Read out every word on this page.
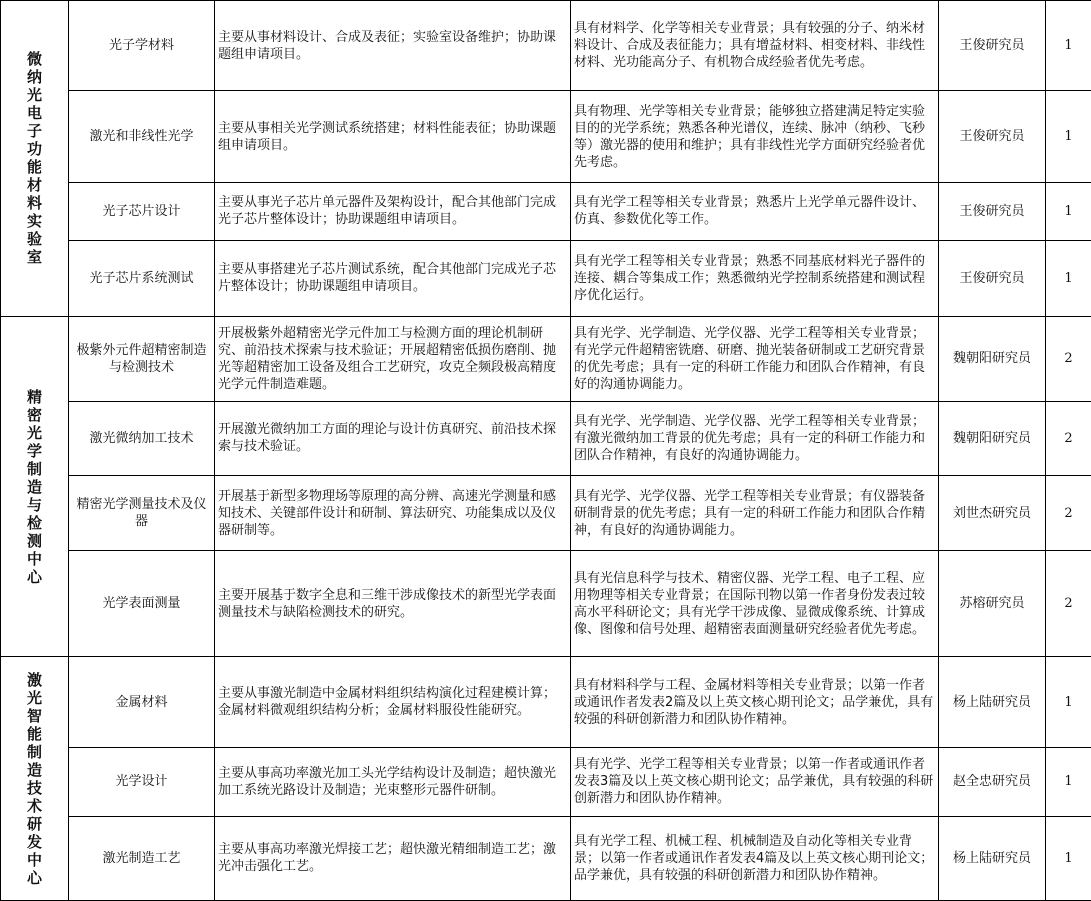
微纳光电子功能材料实验室	光子学材料	主要从事材料设计、合成及表征；实验室设备维护；协助课题组申请项目。	具有材料学、化学等相关专业背景；具有较强的分子、纳米材料设计、合成及表征能力；具有增益材料、相变材料、非线性材料、光功能高分子、有机物合成经验者优先考虑。	王俊研究员	1
	激光和非线性光学	主要从事相关光学测试系统搭建；材料性能表征；协助课题组申请项目。	具有物理、光学等相关专业背景；能够独立搭建满足特定实验目的的光学系统；熟悉各种光谱仪，连续、脉冲（纳秒、飞秒等）激光器的使用和维护；具有非线性光学方面研究经验者优先考虑。	王俊研究员	1
	光子芯片设计	主要从事光子芯片单元器件及架构设计，配合其他部门完成光子芯片整体设计；协助课题组申请项目。	具有光学工程等相关专业背景；熟悉片上光学单元器件设计、仿真、参数优化等工作。	王俊研究员	1
	光子芯片系统测试	主要从事搭建光子芯片测试系统，配合其他部门完成光子芯片整体设计；协助课题组申请项目。	具有光学工程等相关专业背景；熟悉不同基底材料光子器件的连接、耦合等集成工作；熟悉微纳光学控制系统搭建和测试程序优化运行。	王俊研究员	1
精密光学制造与检测中心	极紫外元件超精密制造与检测技术	开展极紫外超精密光学元件加工与检测方面的理论机制研究、前沿技术探索与技术验证；开展超精密低损伤磨削、抛光等超精密加工设备及组合工艺研究，攻克全频段极高精度光学元件制造难题。	具有光学、光学制造、光学仪器、光学工程等相关专业背景；有光学元件超精密铣磨、研磨、抛光装备研制或工艺研究背景的优先考虑；具有一定的科研工作能力和团队合作精神，有良好的沟通协调能力。	魏朝阳研究员	2
	激光微纳加工技术	开展激光微纳加工方面的理论与设计仿真研究、前沿技术探索与技术验证。	具有光学、光学制造、光学仪器、光学工程等相关专业背景；有激光微纳加工背景的优先考虑；具有一定的科研工作能力和团队合作精神，有良好的沟通协调能力。	魏朝阳研究员	2
	精密光学测量技术及仪器	开展基于新型多物理场等原理的高分辨、高速光学测量和感知技术、关键部件设计和研制、算法研究、功能集成以及仪器研制等。	具有光学、光学仪器、光学工程等相关专业背景；有仪器装备研制背景的优先考虑；具有一定的科研工作能力和团队合作精神，有良好的沟通协调能力。	刘世杰研究员	2
	光学表面测量	主要开展基于数字全息和三维干涉成像技术的新型光学表面测量技术与缺陷检测技术的研究。	具有光信息科学与技术、精密仪器、光学工程、电子工程、应用物理等相关专业背景；在国际刊物以第一作者身份发表过较高水平科研论文；具有光学干涉成像、显微成像系统、计算成像、图像和信号处理、超精密表面测量研究经验者优先考虑。	苏榕研究员	2
激光智能制造技术研发中心	金属材料	主要从事激光制造中金属材料组织结构演化过程建模计算；金属材料微观组织结构分析；金属材料服役性能研究。	具有材料科学与工程、金属材料等相关专业背景；以第一作者或通讯作者发表2篇及以上英文核心期刊论文；品学兼优，具有较强的科研创新潜力和团队协作精神。	杨上陆研究员	1
	光学设计	主要从事高功率激光加工头光学结构设计及制造；超快激光加工系统光路设计及制造；光束整形元器件研制。	具有光学、光学工程等相关专业背景；以第一作者或通讯作者发表3篇及以上英文核心期刊论文；品学兼优，具有较强的科研创新潜力和团队协作精神。	赵全忠研究员	1
	激光制造工艺	主要从事高功率激光焊接工艺；超快激光精细制造工艺；激光冲击强化工艺。	具有光学工程、机械工程、机械制造及自动化等相关专业背景；以第一作者或通讯作者发表4篇及以上英文核心期刊论文；品学兼优，具有较强的科研创新潜力和团队协作精神。	杨上陆研究员	1
